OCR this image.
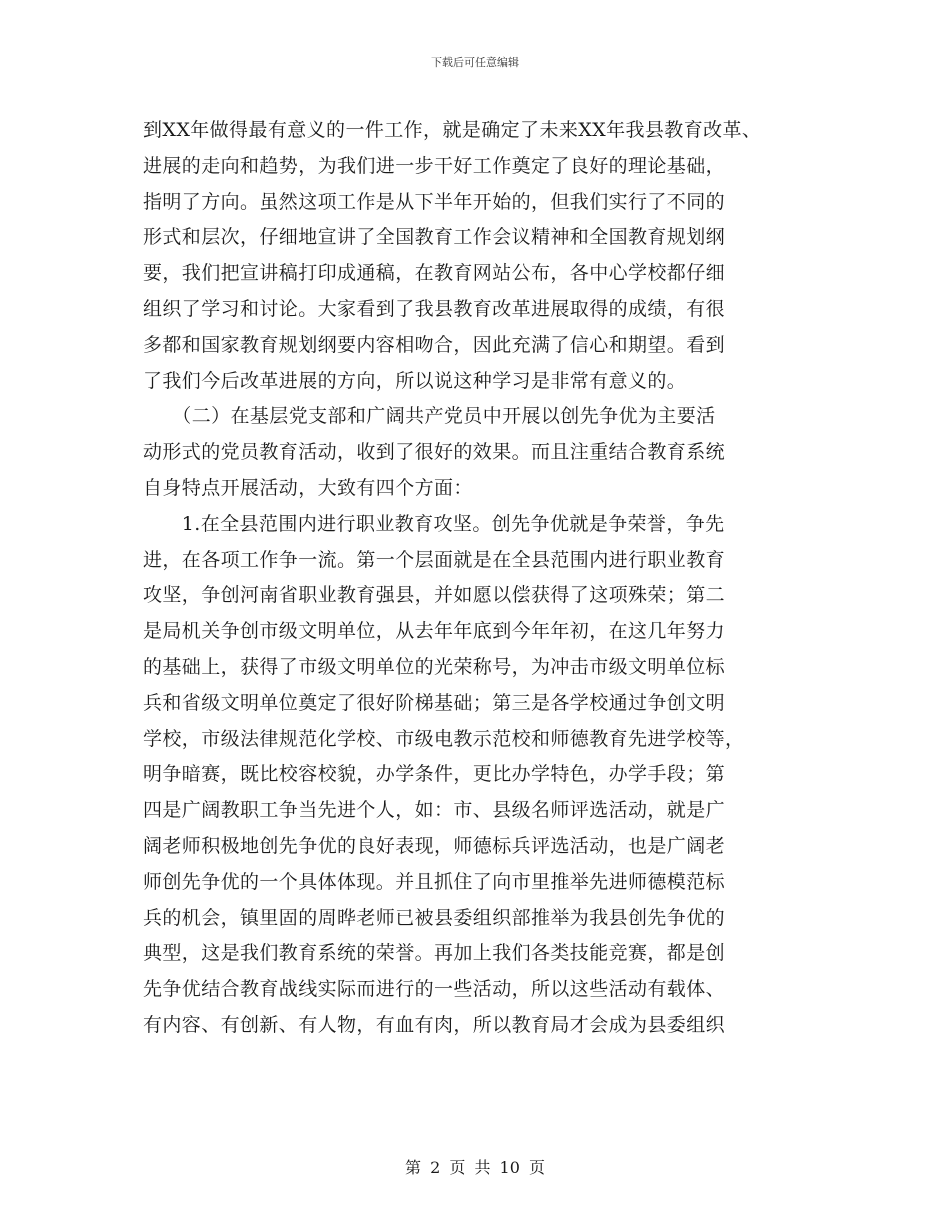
下载后可任意编辑
到XX年做得最有意义的一件工作，就是确定了未来XX年我县教育改革、
进展的走向和趋势，为我们进一步干好工作奠定了良好的理论基础，
指明了方向。虽然这项工作是从下半年开始的，但我们实行了不同的
形式和层次，仔细地宣讲了全国教育工作会议精神和全国教育规划纲
要，我们把宣讲稿打印成通稿，在教育网站公布，各中心学校都仔细
组织了学习和讨论。大家看到了我县教育改革进展取得的成绩，有很
多都和国家教育规划纲要内容相吻合，因此充满了信心和期望。看到
了我们今后改革进展的方向，所以说这种学习是非常有意义的。
　　（二）在基层党支部和广阔共产党员中开展以创先争优为主要活
动形式的党员教育活动，收到了很好的效果。而且注重结合教育系统
自身特点开展活动，大致有四个方面：
　　1.在全县范围内进行职业教育攻坚。创先争优就是争荣誉，争先
进，在各项工作争一流。第一个层面就是在全县范围内进行职业教育
攻坚，争创河南省职业教育强县，并如愿以偿获得了这项殊荣；第二
是局机关争创市级文明单位，从去年年底到今年年初，在这几年努力
的基础上，获得了市级文明单位的光荣称号，为冲击市级文明单位标
兵和省级文明单位奠定了很好阶梯基础；第三是各学校通过争创文明
学校，市级法律规范化学校、市级电教示范校和师德教育先进学校等，
明争暗赛，既比校容校貌，办学条件，更比办学特色，办学手段；第
四是广阔教职工争当先进个人，如：市、县级名师评选活动，就是广
阔老师积极地创先争优的良好表现，师德标兵评选活动，也是广阔老
师创先争优的一个具体体现。并且抓住了向市里推举先进师德模范标
兵的机会，镇里固的周晔老师已被县委组织部推举为我县创先争优的
典型，这是我们教育系统的荣誉。再加上我们各类技能竞赛，都是创
先争优结合教育战线实际而进行的一些活动，所以这些活动有载体、
有内容、有创新、有人物，有血有肉，所以教育局才会成为县委组织
第 2 页 共 10 页
